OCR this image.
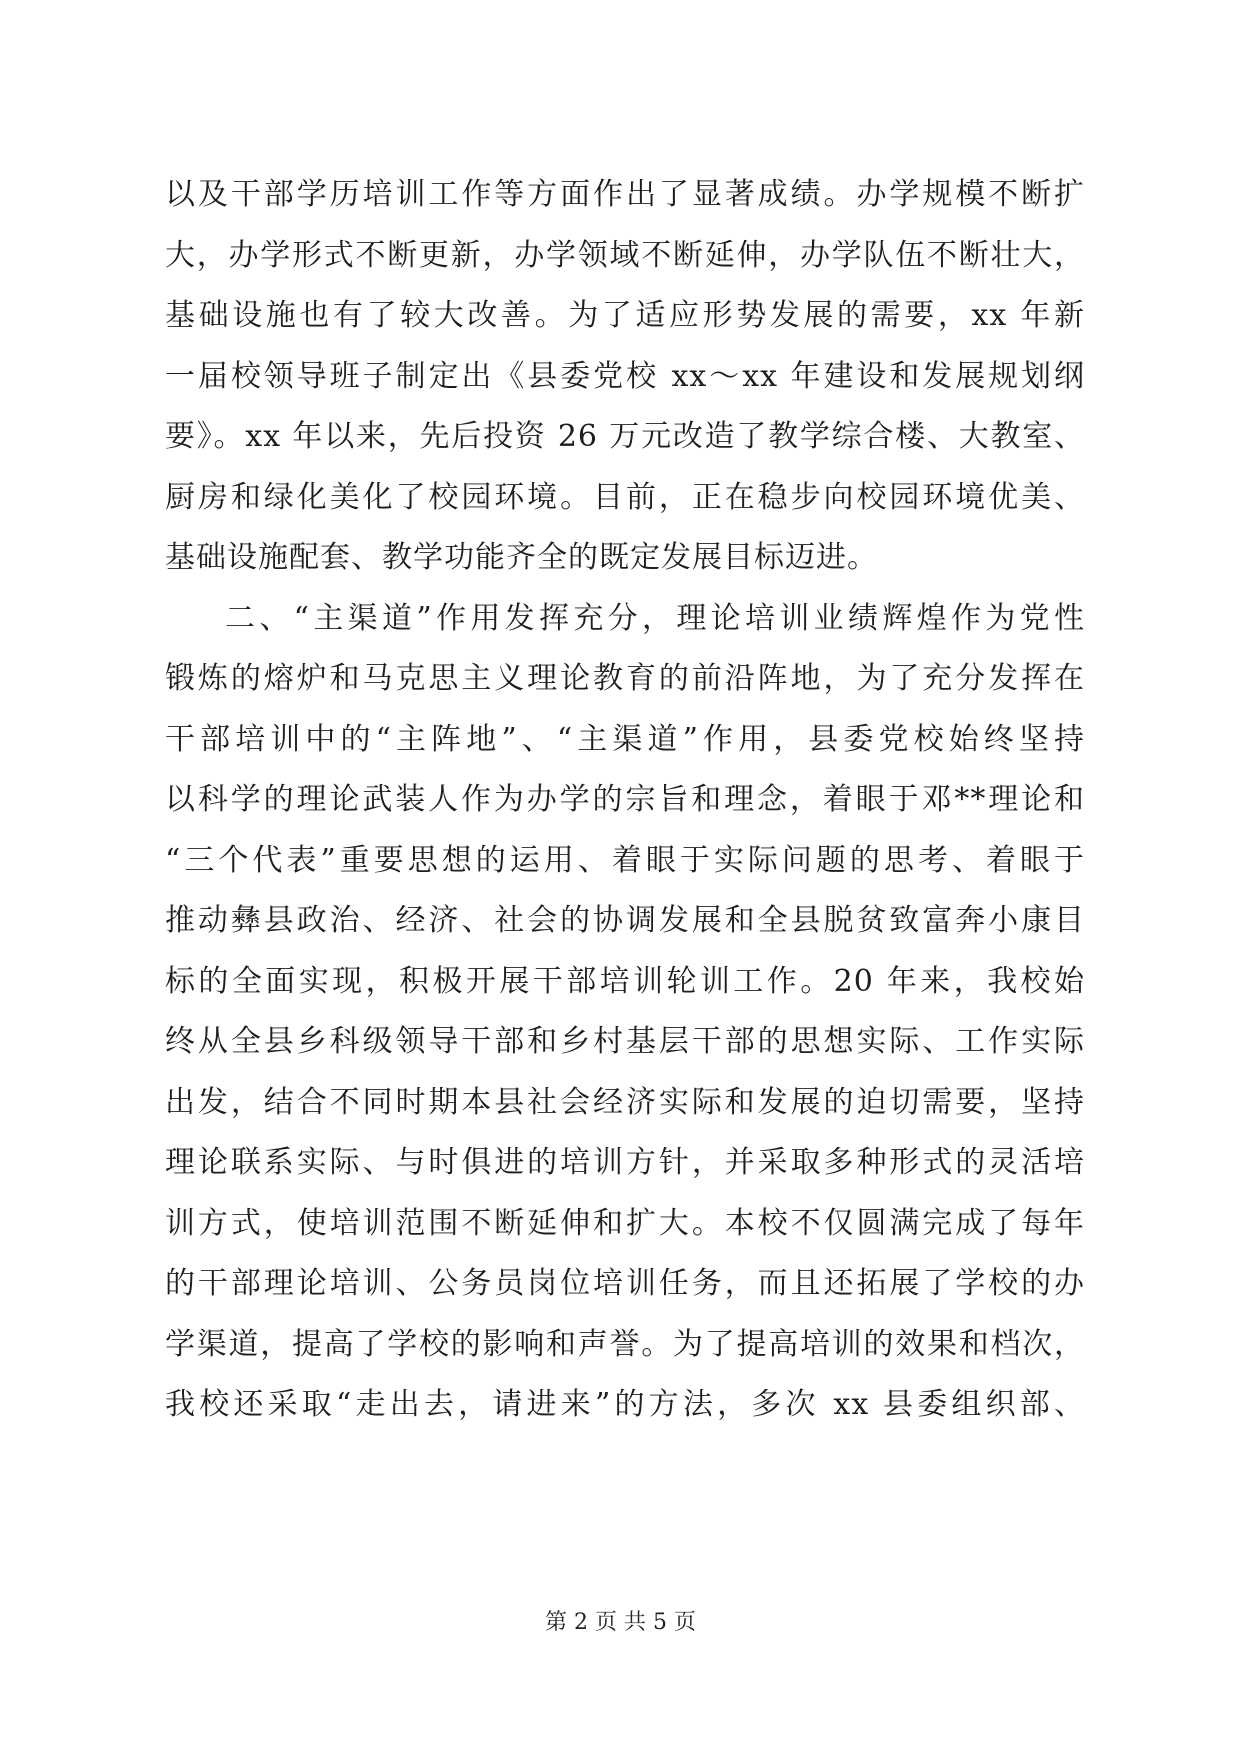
以及干部学历培训工作等方面作出了显著成绩。办学规模不断扩
大，办学形式不断更新，办学领域不断延伸，办学队伍不断壮大，
基础设施也有了较大改善。为了适应形势发展的需要，xx 年新
一届校领导班子制定出《县委党校 xx～xx 年建设和发展规划纲
要》。xx 年以来，先后投资 26 万元改造了教学综合楼、大教室、
厨房和绿化美化了校园环境。目前，正在稳步向校园环境优美、
基础设施配套、教学功能齐全的既定发展目标迈进。
二、“主渠道”作用发挥充分，理论培训业绩辉煌作为党性
锻炼的熔炉和马克思主义理论教育的前沿阵地，为了充分发挥在
干部培训中的“主阵地”、“主渠道”作用，县委党校始终坚持
以科学的理论武装人作为办学的宗旨和理念，着眼于邓**理论和
“三个代表”重要思想的运用、着眼于实际问题的思考、着眼于
推动彝县政治、经济、社会的协调发展和全县脱贫致富奔小康目
标的全面实现，积极开展干部培训轮训工作。20 年来，我校始
终从全县乡科级领导干部和乡村基层干部的思想实际、工作实际
出发，结合不同时期本县社会经济实际和发展的迫切需要，坚持
理论联系实际、与时俱进的培训方针，并采取多种形式的灵活培
训方式，使培训范围不断延伸和扩大。本校不仅圆满完成了每年
的干部理论培训、公务员岗位培训任务，而且还拓展了学校的办
学渠道，提高了学校的影响和声誉。为了提高培训的效果和档次，
我校还采取“走出去，请进来”的方法，多次 xx 县委组织部、
第 2 页 共 5 页
